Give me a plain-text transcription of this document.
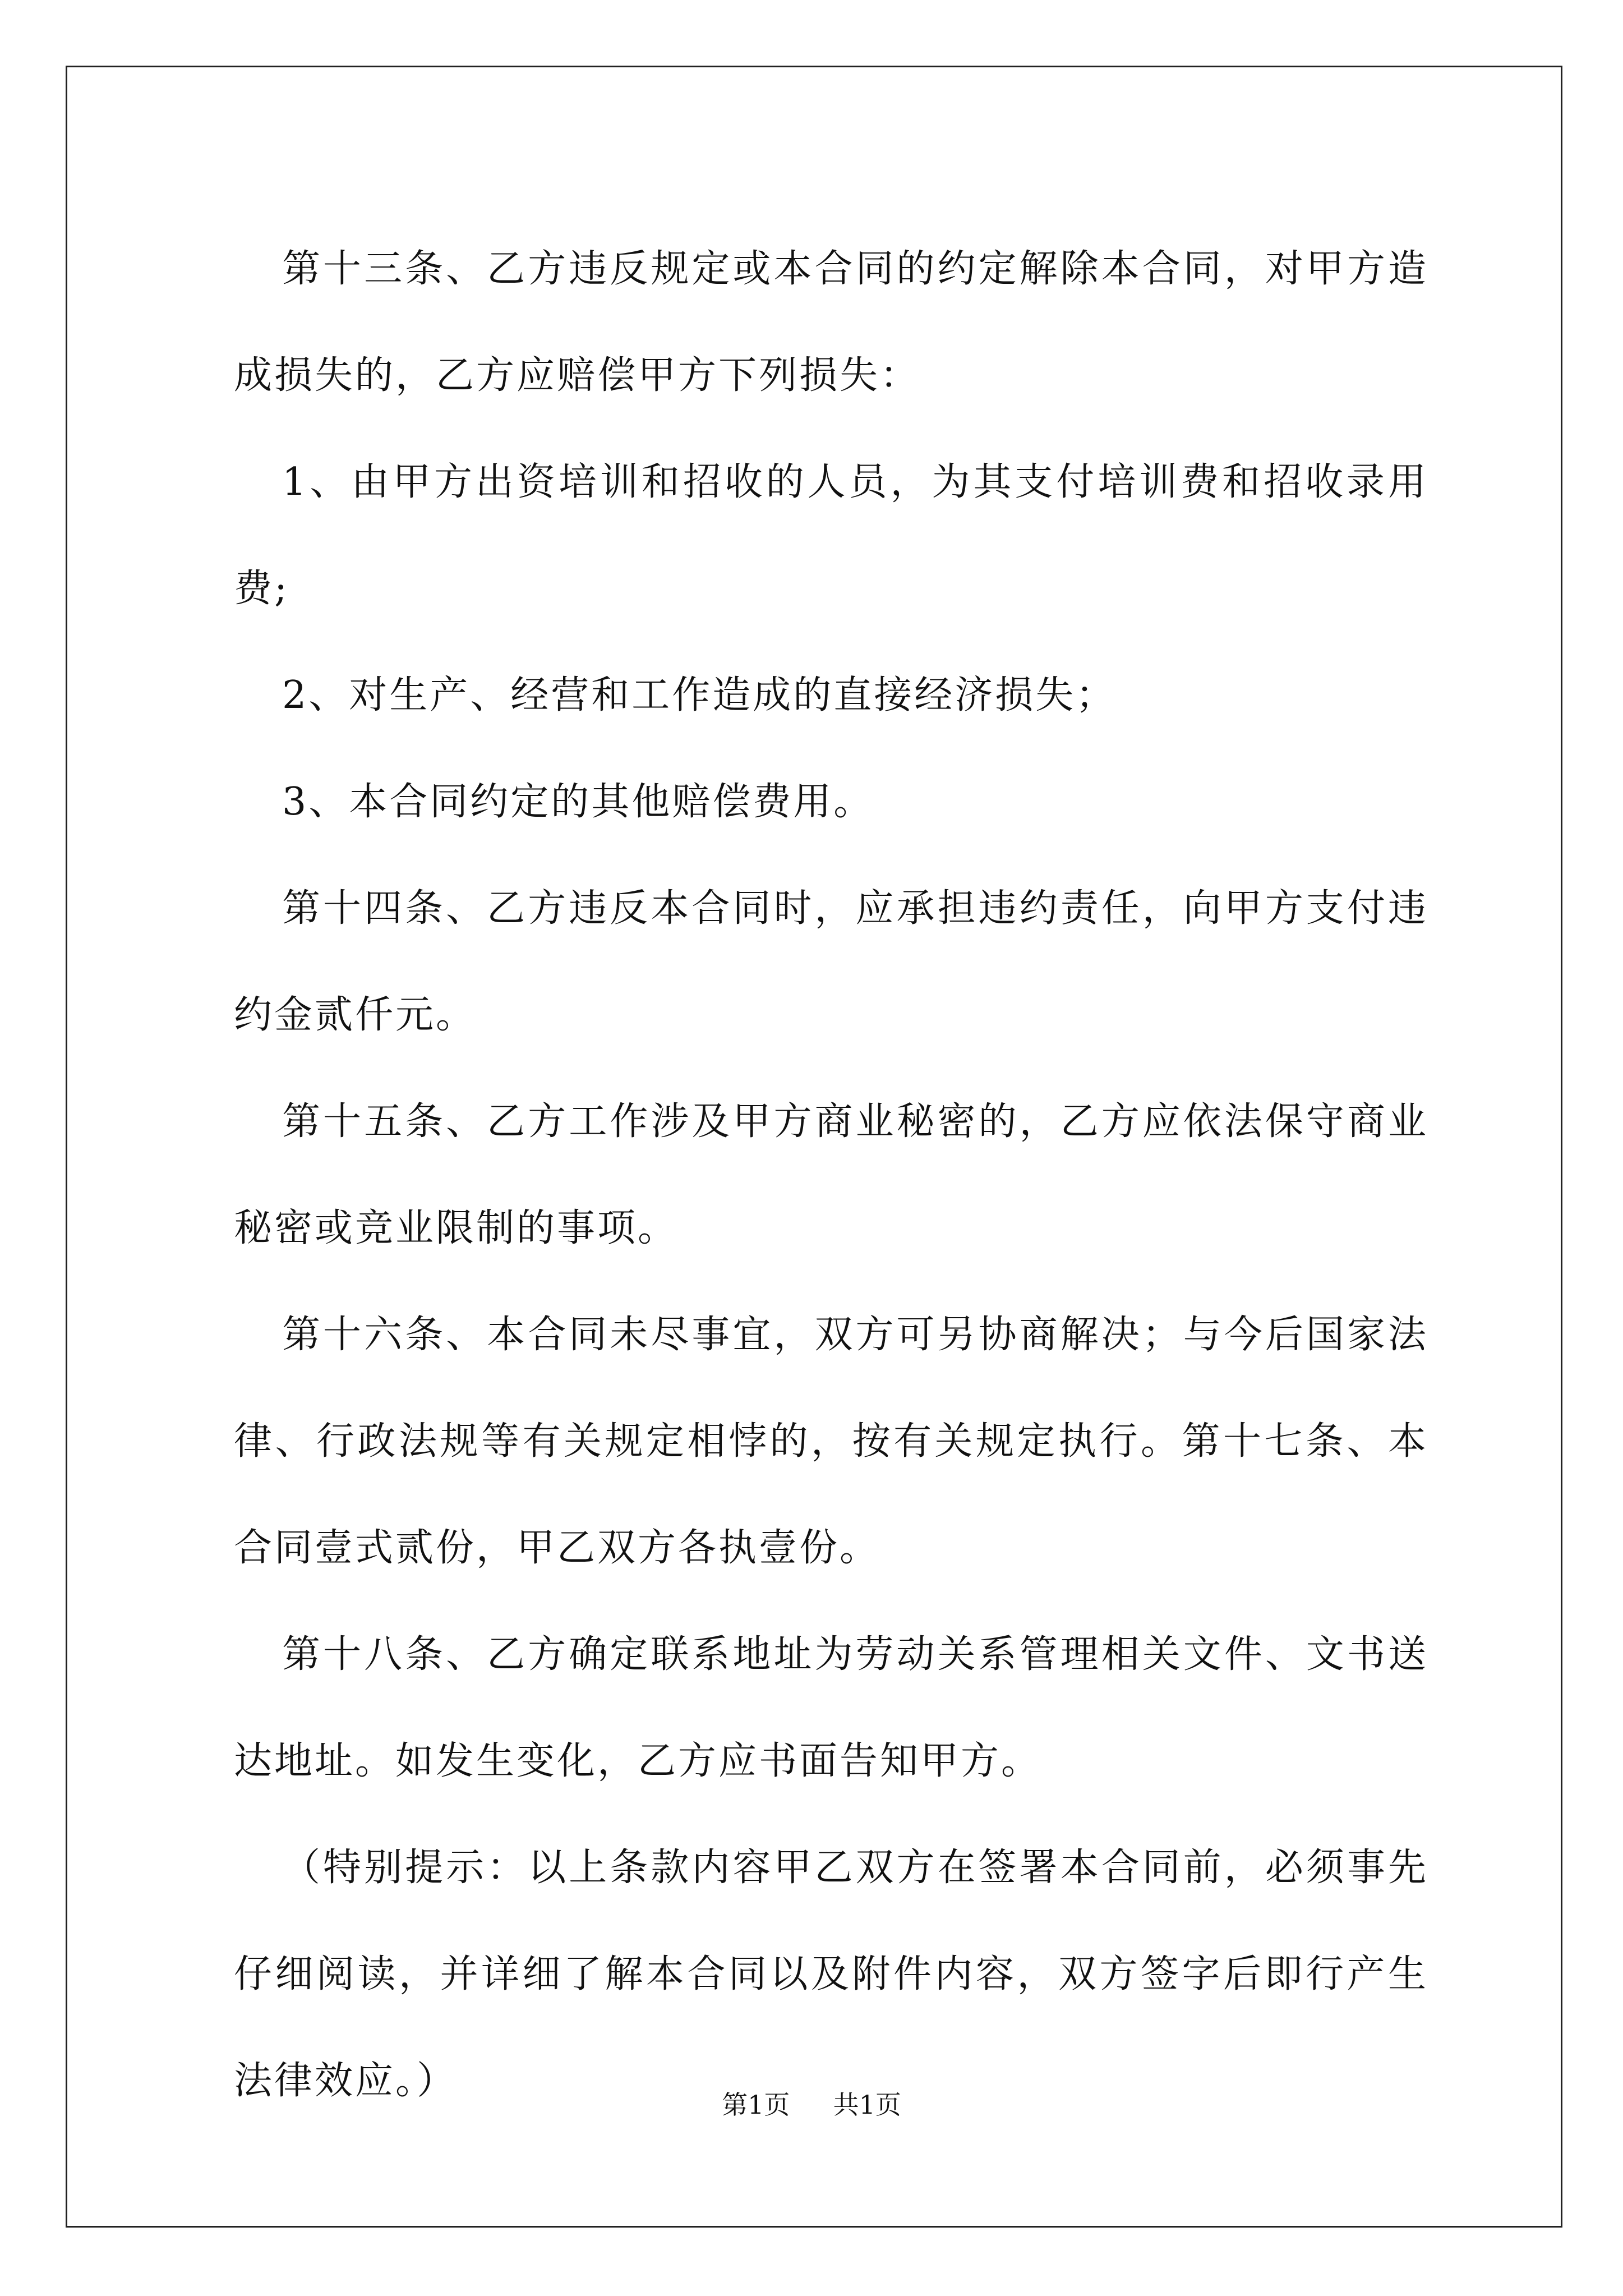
第十三条、乙方违反规定或本合同的约定解除本合同，对甲方造成损失的，乙方应赔偿甲方下列损失：

1、由甲方出资培训和招收的人员，为其支付培训费和招收录用费;

2、对生产、经营和工作造成的直接经济损失；

3、本合同约定的其他赔偿费用。

第十四条、乙方违反本合同时，应承担违约责任，向甲方支付违约金贰仟元。

第十五条、乙方工作涉及甲方商业秘密的，乙方应依法保守商业秘密或竞业限制的事项。

第十六条、本合同未尽事宜，双方可另协商解决；与今后国家法律、行政法规等有关规定相悖的，按有关规定执行。第十七条、本合同壹式贰份，甲乙双方各执壹份。

第十八条、乙方确定联系地址为劳动关系管理相关文件、文书送达地址。如发生变化，乙方应书面告知甲方。

（特别提示：以上条款内容甲乙双方在签署本合同前，必须事先仔细阅读，并详细了解本合同以及附件内容，双方签字后即行产生法律效应。）

第1页 共1页
